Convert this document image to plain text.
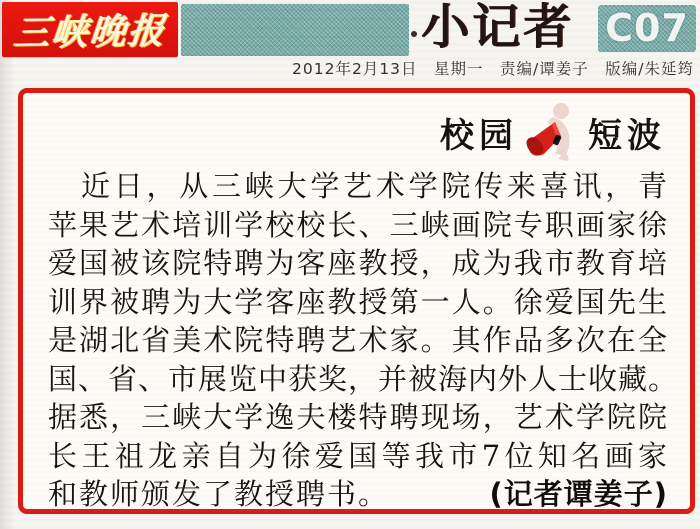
三峡晚报	小记者 C07
2012年2月13日　星期一　责编/谭姜子　版编/朱延筠
校园 短波
近日，从三峡大学艺术学院传来喜讯，青
苹果艺术培训学校校长、三峡画院专职画家徐
爱国被该院特聘为客座教授，成为我市教育培
训界被聘为大学客座教授第一人。徐爱国先生
是湖北省美术院特聘艺术家。其作品多次在全
国、省、市展览中获奖，并被海内外人士收藏。
据悉，三峡大学逸夫楼特聘现场，艺术学院院
长王祖龙亲自为徐爱国等我市7位知名画家
和教师颁发了教授聘书。	(记者谭姜子)
